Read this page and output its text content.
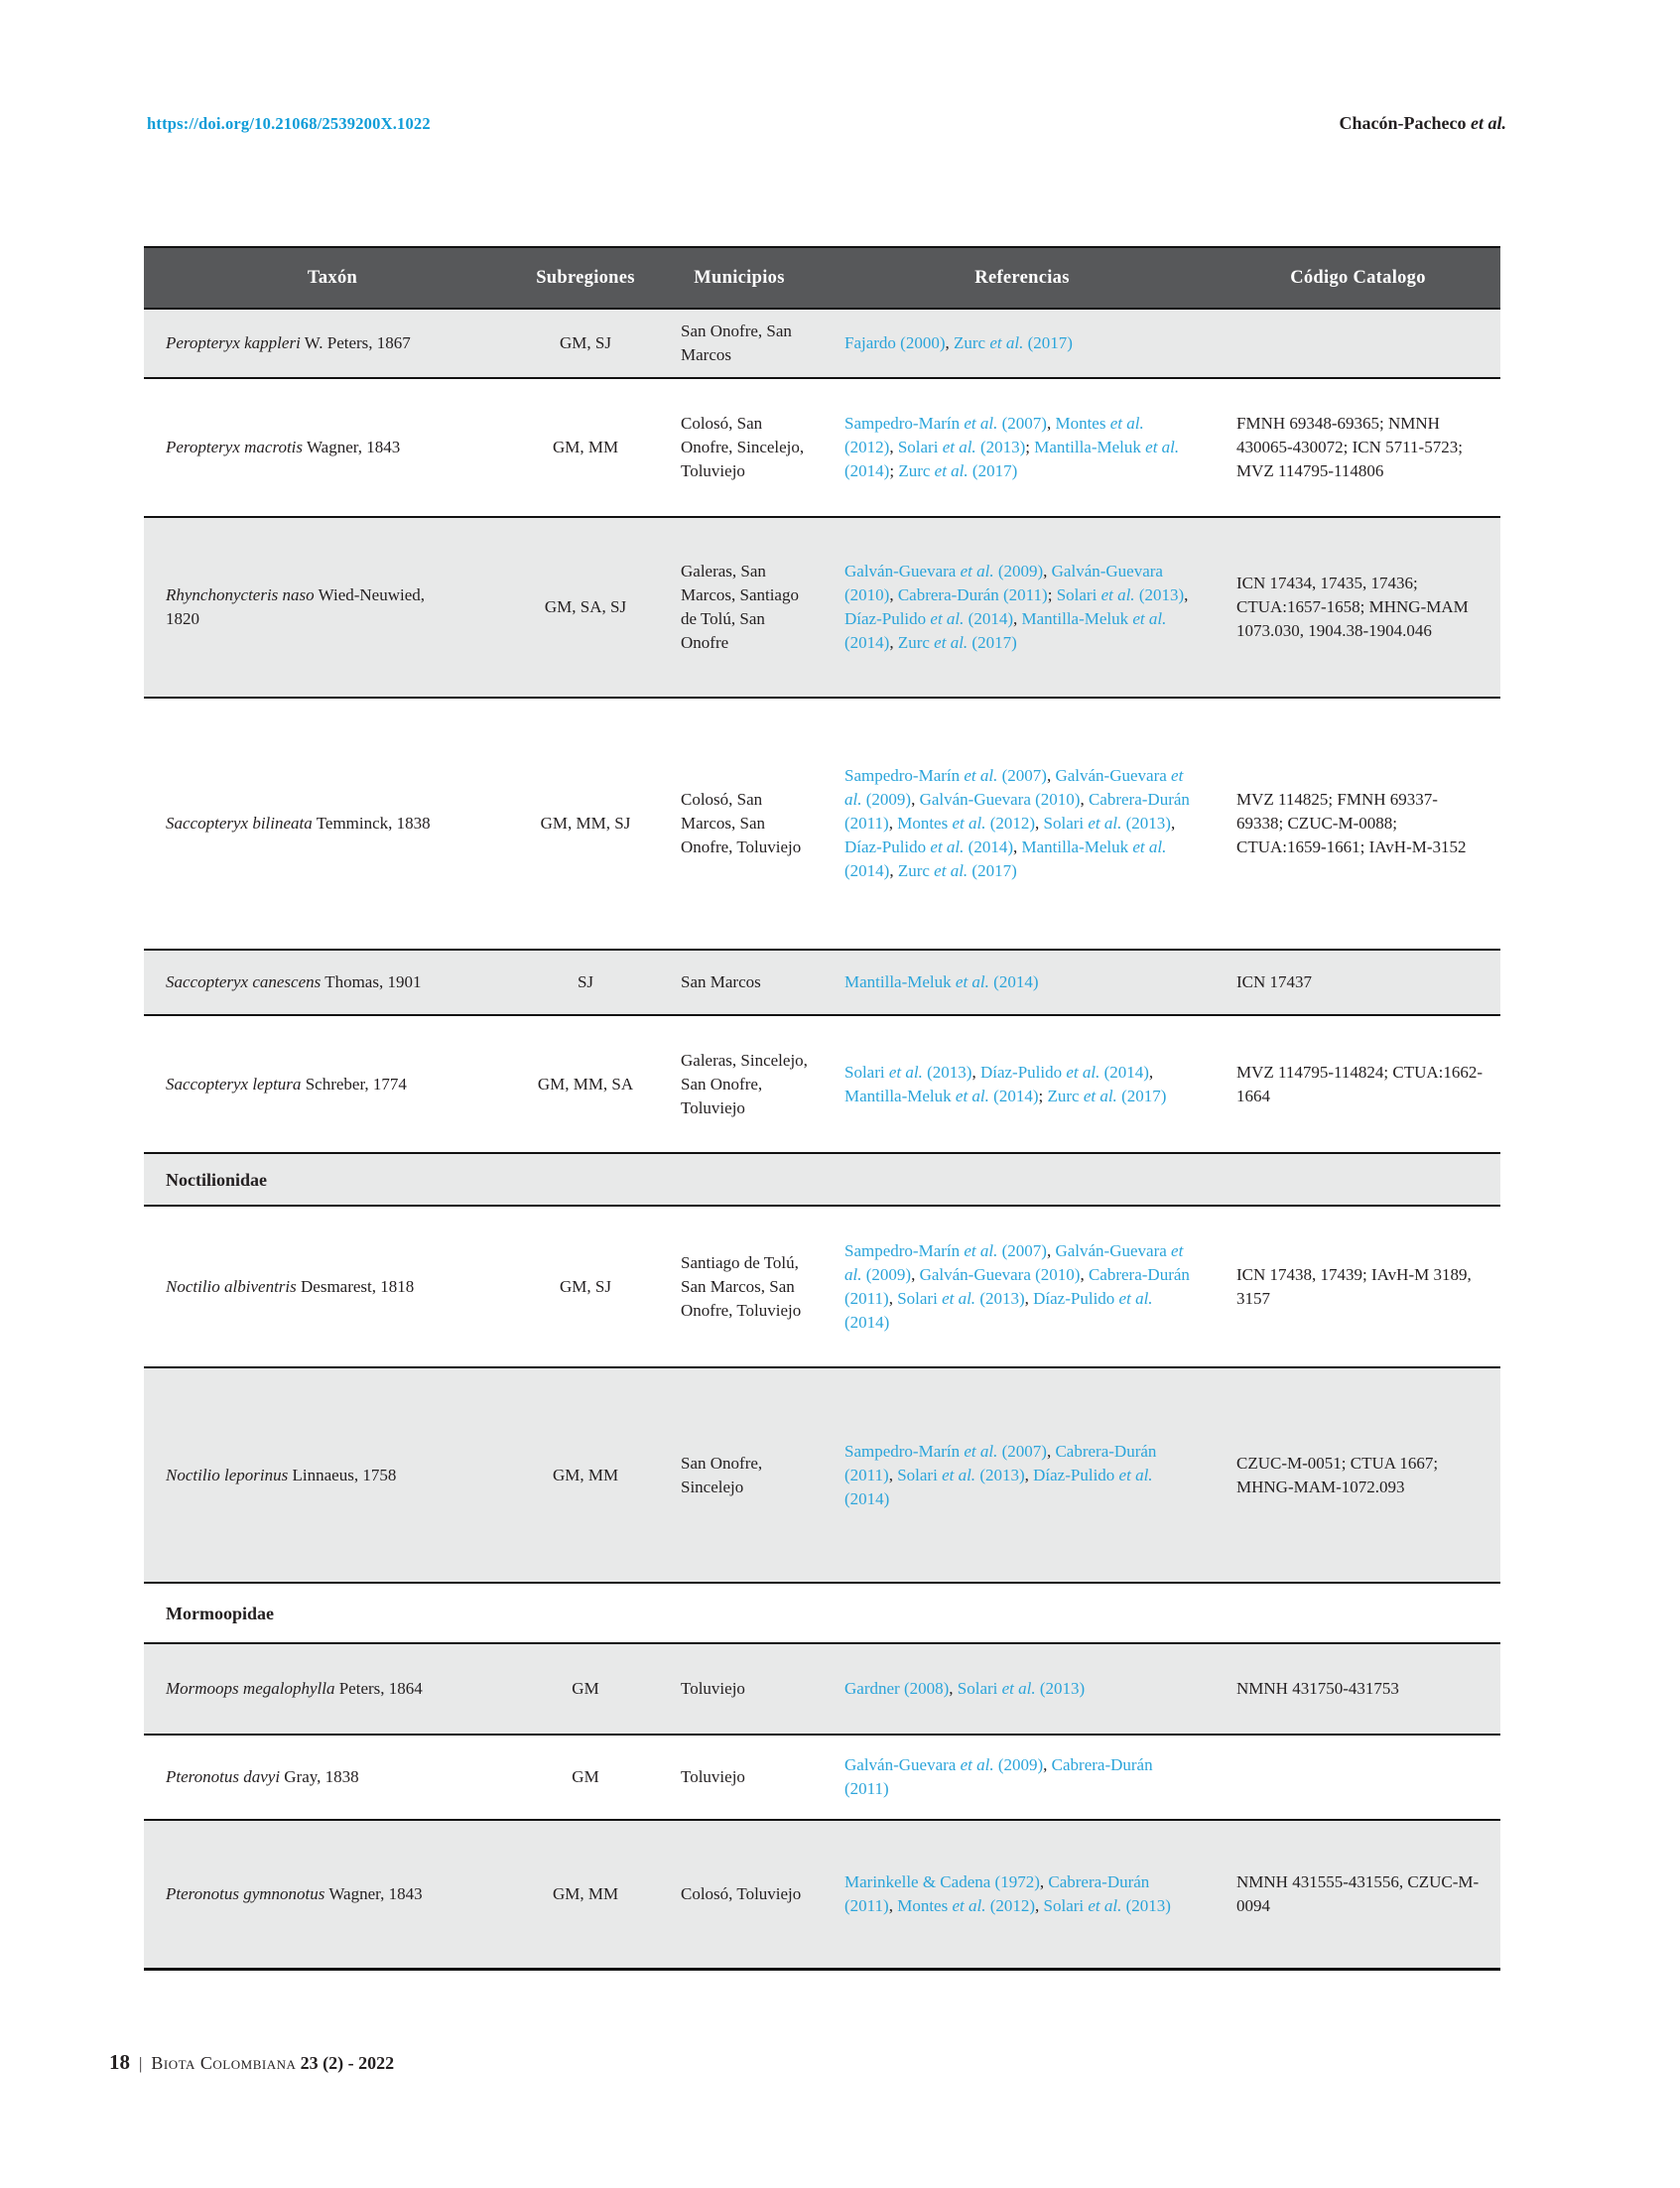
https://doi.org/10.21068/2539200X.1022	Chacón-Pacheco et al.
Taxón	Subregiones	Municipios	Referencias	Código Catalogo
Peropteryx kappleri W. Peters, 1867	GM, SJ	San Onofre, San Marcos	Fajardo (2000), Zurc et al. (2017)	
Peropteryx macrotis Wagner, 1843	GM, MM	Colosó, San Onofre, Sincelejo, Toluviejo	Sampedro-Marín et al. (2007), Montes et al. (2012), Solari et al. (2013); Mantilla-Meluk et al. (2014); Zurc et al. (2017)	FMNH 69348-69365; NMNH 430065-430072; ICN 5711-5723; MVZ 114795-114806
Rhynchonycteris naso Wied-Neuwied, 1820	GM, SA, SJ	Galeras, San Marcos, Santiago de Tolú, San Onofre	Galván-Guevara et al. (2009), Galván-Guevara (2010), Cabrera-Durán (2011); Solari et al. (2013), Díaz-Pulido et al. (2014), Mantilla-Meluk et al. (2014), Zurc et al. (2017)	ICN 17434, 17435, 17436; CTUA:1657-1658; MHNG-MAM 1073.030, 1904.38-1904.046
Saccopteryx bilineata Temminck, 1838	GM, MM, SJ	Colosó, San Marcos, San Onofre, Toluviejo	Sampedro-Marín et al. (2007), Galván-Guevara et al. (2009), Galván-Guevara (2010), Cabrera-Durán (2011), Montes et al. (2012), Solari et al. (2013), Díaz-Pulido et al. (2014), Mantilla-Meluk et al. (2014), Zurc et al. (2017)	MVZ 114825; FMNH 69337-69338; CZUC-M-0088; CTUA:1659-1661; IAvH-M-3152
Saccopteryx canescens Thomas, 1901	SJ	San Marcos	Mantilla-Meluk et al. (2014)	ICN 17437
Saccopteryx leptura Schreber, 1774	GM, MM, SA	Galeras, Sincelejo, San Onofre, Toluviejo	Solari et al. (2013), Díaz-Pulido et al. (2014), Mantilla-Meluk et al. (2014); Zurc et al. (2017)	MVZ 114795-114824; CTUA:1662-1664
Noctilionidae				
Noctilio albiventris Desmarest, 1818	GM, SJ	Santiago de Tolú, San Marcos, San Onofre, Toluviejo	Sampedro-Marín et al. (2007), Galván-Guevara et al. (2009), Galván-Guevara (2010), Cabrera-Durán (2011), Solari et al. (2013), Díaz-Pulido et al. (2014)	ICN 17438, 17439; IAvH-M 3189, 3157
Noctilio leporinus Linnaeus, 1758	GM, MM	San Onofre, Sincelejo	Sampedro-Marín et al. (2007), Cabrera-Durán (2011), Solari et al. (2013), Díaz-Pulido et al. (2014)	CZUC-M-0051; CTUA 1667; MHNG-MAM-1072.093
Mormoopidae				
Mormoops megalophylla Peters, 1864	GM	Toluviejo	Gardner (2008), Solari et al. (2013)	NMNH 431750-431753
Pteronotus davyi Gray, 1838	GM	Toluviejo	Galván-Guevara et al. (2009), Cabrera-Durán (2011)	
Pteronotus gymnonotus Wagner, 1843	GM, MM	Colosó, Toluviejo	Marinkelle & Cadena (1972), Cabrera-Durán (2011), Montes et al. (2012), Solari et al. (2013)	NMNH 431555-431556, CZUC-M-0094
18 | Biota Colombiana 23 (2) - 2022
